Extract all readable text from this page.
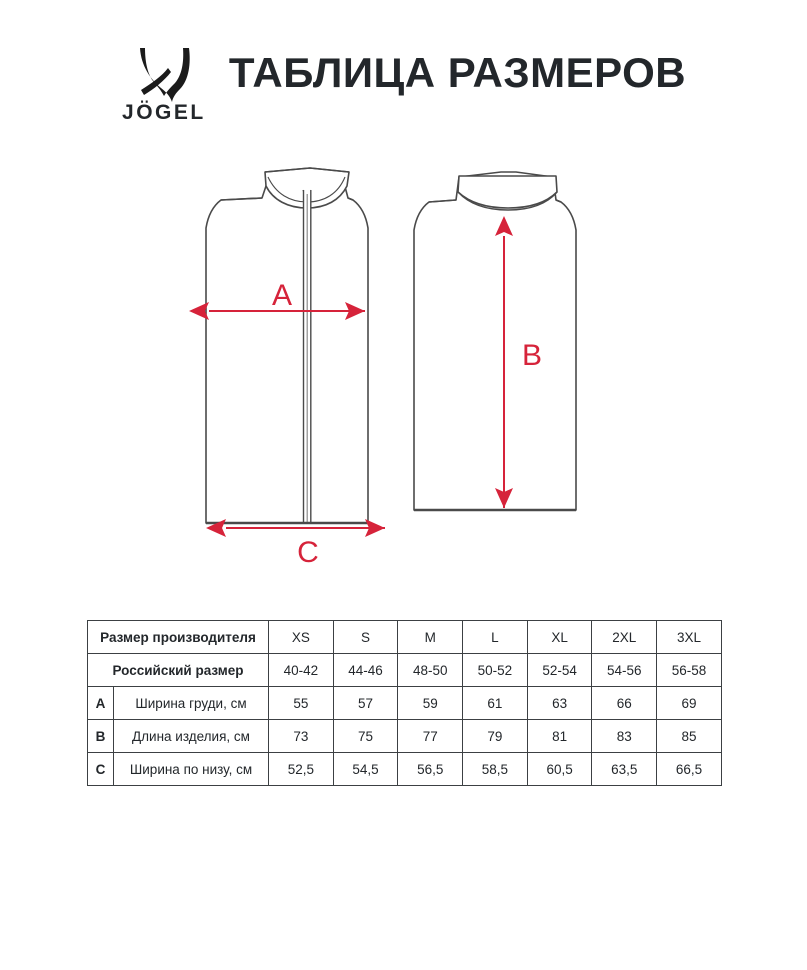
JÖGEL
ТАБЛИЦА РАЗМЕРОВ
A
C
B
Размер производителя		XS	S	M	L	XL	2XL	3XL
Российский размер		40-42	44-46	48-50	50-52	52-54	54-56	56-58
A	Ширина груди, см	55	57	59	61	63	66	69
B	Длина изделия, см	73	75	77	79	81	83	85
C	Ширина по низу, см	52,5	54,5	56,5	58,5	60,5	63,5	66,5
